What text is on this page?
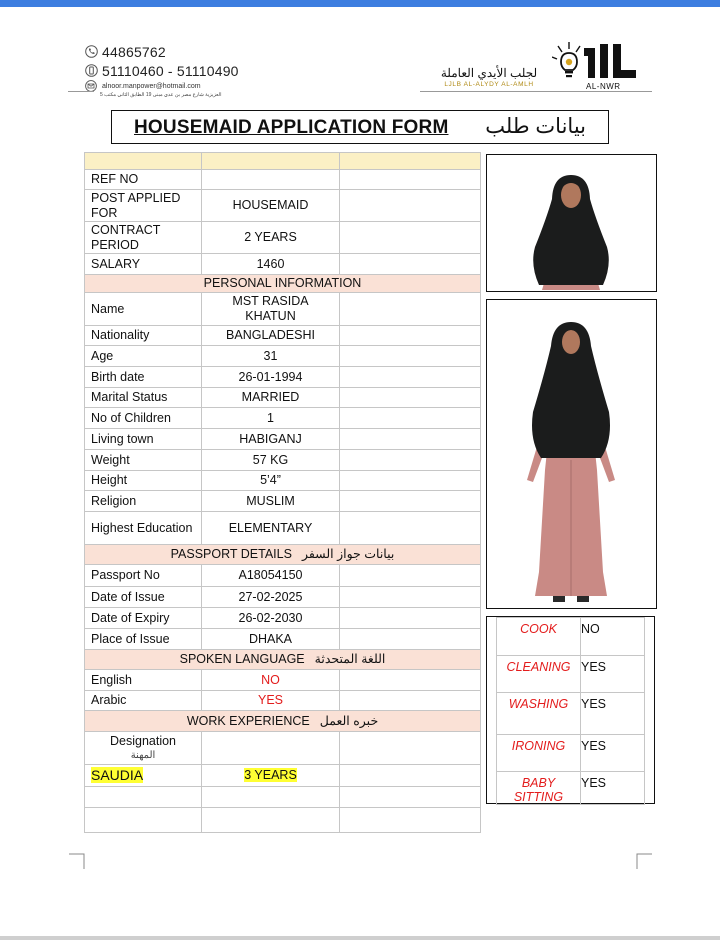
44865762
51110460 - 51110490
alnoor.manpower@hotmail.com
العزيزية شارع مصر بن عدي مبنى 19 الطابق الثاني مكتب 5
لجلب الأيدي العاملة
LJLB AL-ALYDY AL-AMLH	AL-NWR
HOUSEMAID APPLICATION FORM بيانات طلب

REF NO		
POST APPLIED FOR	HOUSEMAID	
CONTRACT PERIOD	2 YEARS	
SALARY	1460	
PERSONAL INFORMATION		
Name	MST RASIDA KHATUN	
Nationality	BANGLADESHI	
Age	31	
Birth date	26-01-1994	
Marital Status	MARRIED	
No of Children	1	
Living town	HABIGANJ	
Weight	57 KG	
Height	5’4”	
Religion	MUSLIM	
Highest Education	ELEMENTARY	
PASSPORT DETAILS بيانات جواز السفر		
Passport No	A18054150	
Date of Issue	27-02-2025	
Date of Expiry	26-02-2030	
Place of Issue	DHAKA	
SPOKEN LANGUAGE اللغة المتحدثة		
English	NO	
Arabic	YES	
WORK EXPERIENCE خبره العمل		

Designation
المهنة		

SAUDIA	3 YEARS	

COOK	NO
CLEANING	YES
WASHING	YES
IRONING	YES
BABY SITTING	YES
